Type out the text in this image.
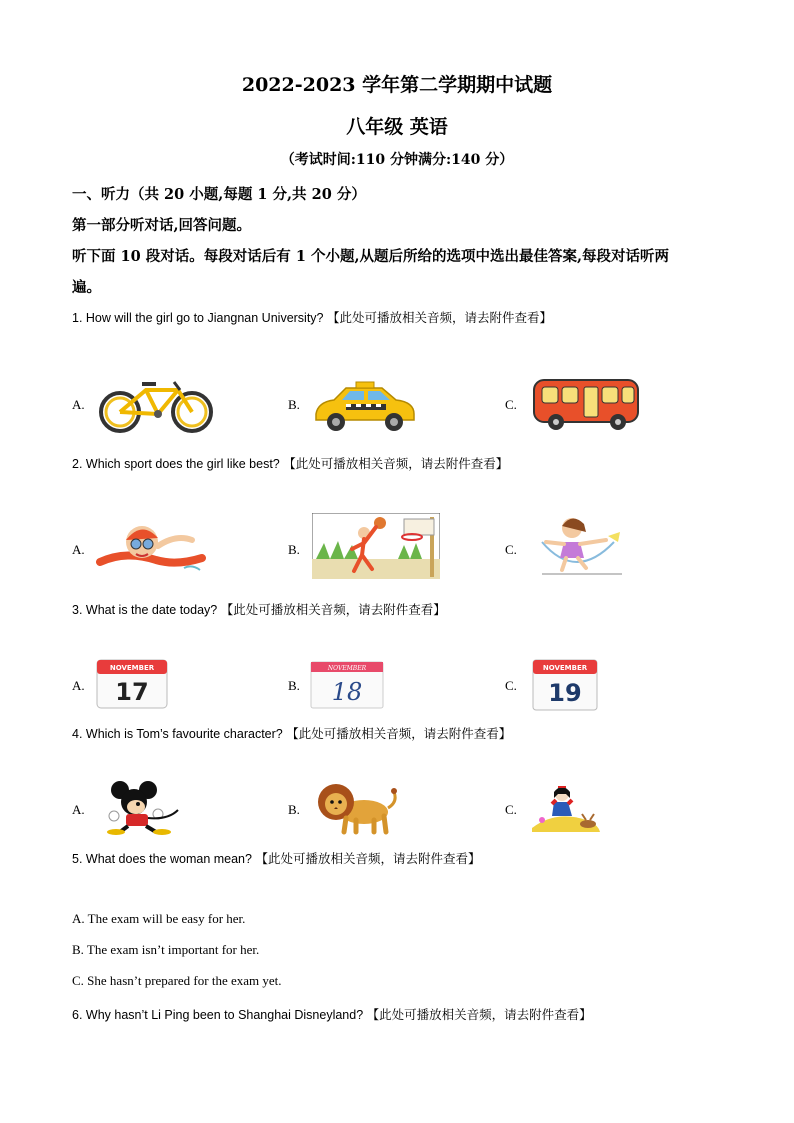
2022-2023 学年第二学期期中试题
八年级 英语
（考试时间:110 分钟满分:140 分）
一、听力（共 20 小题,每题 1 分,共 20 分）
第一部分听对话,回答问题。
听下面 10 段对话。每段对话后有 1 个小题,从题后所给的选项中选出最佳答案,每段对话听两
遍。
1. How will the girl go to Jiangnan University? 【此处可播放相关音频，请去附件查看】
A.	B.	C.
2. Which sport does the girl like best? 【此处可播放相关音频，请去附件查看】
A.	B.	C.
3. What is the date today? 【此处可播放相关音频，请去附件查看】
A.	B.	C.
NOVEMBER
17
NOVEMBER
18
NOVEMBER
19
4. Which is Tom’s favourite character? 【此处可播放相关音频，请去附件查看】
A.	B.	C.
5. What does the woman mean? 【此处可播放相关音频，请去附件查看】
A. The exam will be easy for her.
B. The exam isn’t important for her.
C. She hasn’t prepared for the exam yet.
6. Why hasn’t Li Ping been to Shanghai Disneyland? 【此处可播放相关音频，请去附件查看】
